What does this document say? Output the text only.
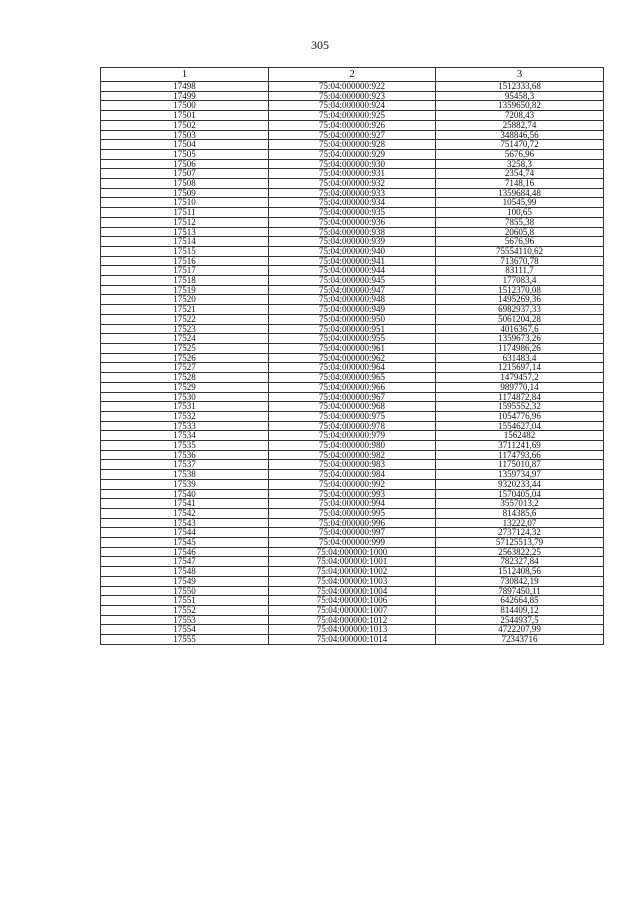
305
1	2	3
17498	75:04:000000:922	1512333,68
17499	75:04:000000:923	95458,3
17500	75:04:000000:924	1359650,82
17501	75:04:000000:925	7208,43
17502	75:04:000000:926	25882,74
17503	75:04:000000:927	348846,56
17504	75:04:000000:928	751470,72
17505	75:04:000000:929	5676,96
17506	75:04:000000:930	3258,3
17507	75:04:000000:931	2354,74
17508	75:04:000000:932	7148,16
17509	75:04:000000:933	1359684,48
17510	75:04:000000:934	10545,99
17511	75:04:000000:935	100,65
17512	75:04:000000:936	7855,38
17513	75:04:000000:938	20605,8
17514	75:04:000000:939	5676,96
17515	75:04:000000:940	75554110,62
17516	75:04:000000:941	713670,78
17517	75:04:000000:944	83111,7
17518	75:04:000000:945	177083,4
17519	75:04:000000:947	1512370,08
17520	75:04:000000:948	1495269,36
17521	75:04:000000:949	6982937,33
17522	75:04:000000:950	5061204,28
17523	75:04:000000:951	4016367,6
17524	75:04:000000:955	1359673,26
17525	75:04:000000:961	1174986,26
17526	75:04:000000:962	631483,4
17527	75:04:000000:964	1215697,14
17528	75:04:000000:965	1479457,2
17529	75:04:000000:966	989770,14
17530	75:04:000000:967	1174872,84
17531	75:04:000000:968	1595552,32
17532	75:04:000000:975	1054776,96
17533	75:04:000000:978	1554627,04
17534	75:04:000000:979	1562482
17535	75:04:000000:980	3711241,69
17536	75:04:000000:982	1174793,66
17537	75:04:000000:983	1175010,87
17538	75:04:000000:984	1359734,97
17539	75:04:000000:992	9320233,44
17540	75:04:000000:993	1570405,04
17541	75:04:000000:994	3557013,2
17542	75:04:000000:995	814385,6
17543	75:04:000000:996	13222,07
17544	75:04:000000:997	2737124,32
17545	75:04:000000:999	57125513,79
17546	75:04:000000:1000	2563822,25
17547	75:04:000000:1001	782327,84
17548	75:04:000000:1002	1512408,56
17549	75:04:000000:1003	730842,19
17550	75:04:000000:1004	7897450,11
17551	75:04:000000:1006	642664,85
17552	75:04:000000:1007	814409,12
17553	75:04:000000:1012	2544937,5
17554	75:04:000000:1013	4722207,99
17555	75:04:000000:1014	72343716
